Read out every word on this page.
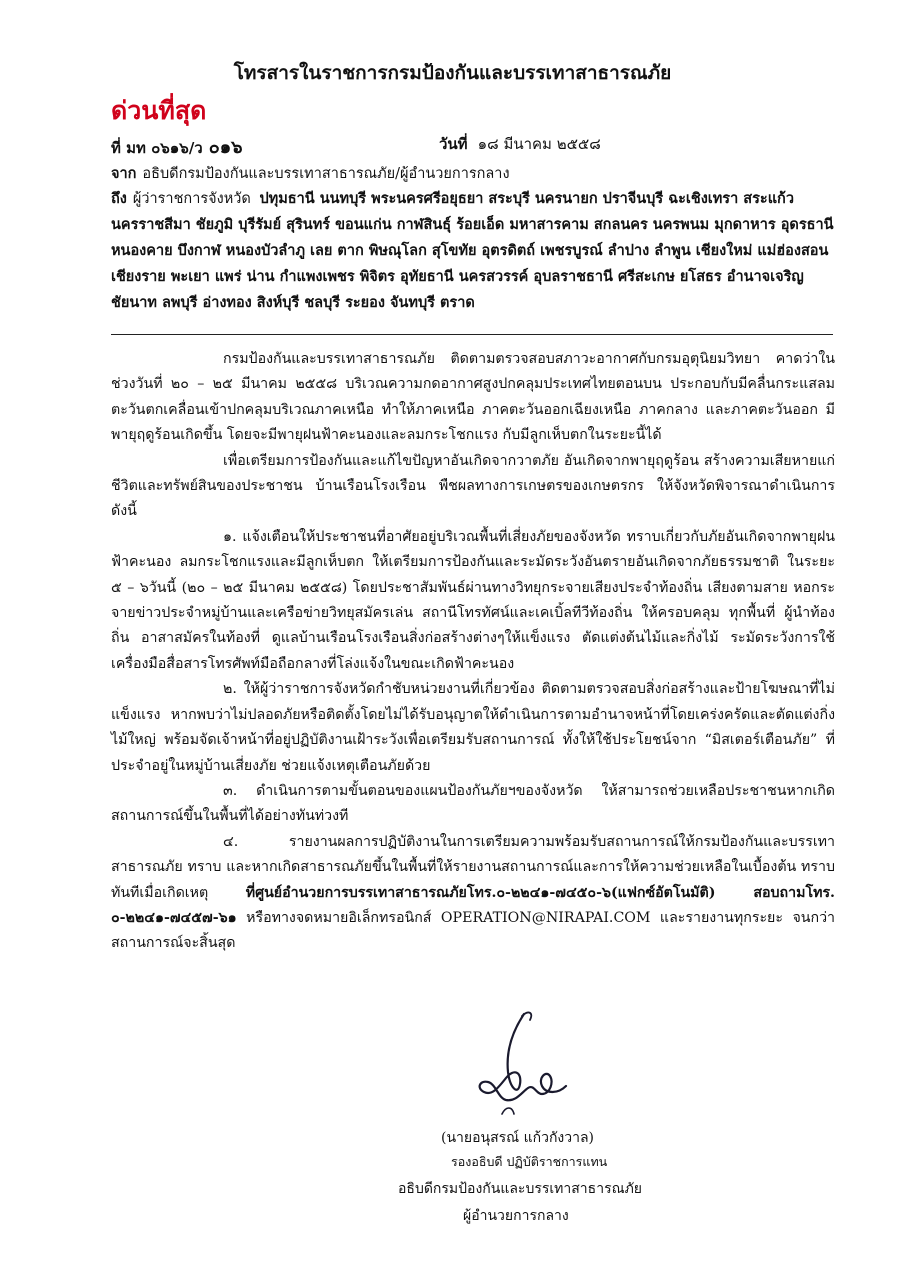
โทรสารในราชการกรมป้องกันและบรรเทาสาธารณภัย
ด่วนที่สุด
ที่ มท ๐๖๑๖/ว ๐๑๖	วันที่ ๑๘ มีนาคม ๒๕๕๘
จาก อธิบดีกรมป้องกันและบรรเทาสาธารณภัย/ผู้อำนวยการกลาง
ถึง ผู้ว่าราชการจังหวัด ปทุมธานี นนทบุรี พระนครศรีอยุธยา สระบุรี นครนายก ปราจีนบุรี ฉะเชิงเทรา สระแก้ว นครราชสีมา ชัยภูมิ บุรีรัมย์ สุรินทร์ ขอนแก่น กาฬสินธุ์ ร้อยเอ็ด มหาสารคาม สกลนคร นครพนม มุกดาหาร อุดรธานี หนองคาย บึงกาฬ หนองบัวลำภู เลย ตาก พิษณุโลก สุโขทัย อุตรดิตถ์ เพชรบูรณ์ ลำปาง ลำพูน เชียงใหม่ แม่ฮ่องสอน เชียงราย พะเยา แพร่ น่าน กำแพงเพชร พิจิตร อุทัยธานี นครสวรรค์ อุบลราชธานี ศรีสะเกษ ยโสธร อำนาจเจริญ ชัยนาท ลพบุรี อ่างทอง สิงห์บุรี ชลบุรี ระยอง จันทบุรี ตราด

กรมป้องกันและบรรเทาสาธารณภัย ติดตามตรวจสอบสภาวะอากาศกับกรมอุตุนิยมวิทยา คาดว่าในช่วงวันที่ ๒๐ – ๒๕ มีนาคม ๒๕๕๘ บริเวณความกดอากาศสูงปกคลุมประเทศไทยตอนบน ประกอบกับมีคลื่นกระแสลมตะวันตกเคลื่อนเข้าปกคลุมบริเวณภาคเหนือ ทำให้ภาคเหนือ ภาคตะวันออกเฉียงเหนือ ภาคกลาง และภาคตะวันออก มีพายุฤดูร้อนเกิดขึ้น โดยจะมีพายุฝนฟ้าคะนองและลมกระโชกแรง กับมีลูกเห็บตกในระยะนี้ได้

เพื่อเตรียมการป้องกันและแก้ไขปัญหาอันเกิดจากวาตภัย อันเกิดจากพายุฤดูร้อน สร้างความเสียหายแก่ชีวิตและทรัพย์สินของประชาชน บ้านเรือนโรงเรือน พืชผลทางการเกษตรของเกษตรกร ให้จังหวัดพิจารณาดำเนินการดังนี้

๑. แจ้งเตือนให้ประชาชนที่อาศัยอยู่บริเวณพื้นที่เสี่ยงภัยของจังหวัด ทราบเกี่ยวกับภัยอันเกิดจากพายุฝนฟ้าคะนอง ลมกระโชกแรงและมีลูกเห็บตก ให้เตรียมการป้องกันและระมัดระวังอันตรายอันเกิดจากภัยธรรมชาติ ในระยะ ๕ – ๖วันนี้ (๒๐ – ๒๕ มีนาคม ๒๕๕๘) โดยประชาสัมพันธ์ผ่านทางวิทยุกระจายเสียงประจำท้องถิ่น เสียงตามสาย หอกระจายข่าวประจำหมู่บ้านและเครือข่ายวิทยุสมัครเล่น สถานีโทรทัศน์และเคเบิ้ลทีวีท้องถิ่น ให้ครอบคลุม ทุกพื้นที่ ผู้นำท้องถิ่น อาสาสมัครในท้องที่ ดูแลบ้านเรือนโรงเรือนสิ่งก่อสร้างต่างๆให้แข็งแรง ตัดแต่งต้นไม้และกิ่งไม้ ระมัดระวังการใช้เครื่องมือสื่อสารโทรศัพท์มือถือกลางที่โล่งแจ้งในขณะเกิดฟ้าคะนอง

๒. ให้ผู้ว่าราชการจังหวัดกำชับหน่วยงานที่เกี่ยวข้อง ติดตามตรวจสอบสิ่งก่อสร้างและป้ายโฆษณาที่ไม่แข็งแรง หากพบว่าไม่ปลอดภัยหรือติดตั้งโดยไม่ได้รับอนุญาตให้ดำเนินการตามอำนาจหน้าที่โดยเคร่งครัดและตัดแต่งกิ่งไม้ใหญ่ พร้อมจัดเจ้าหน้าที่อยู่ปฏิบัติงานเฝ้าระวังเพื่อเตรียมรับสถานการณ์ ทั้งให้ใช้ประโยชน์จาก “มิสเตอร์เตือนภัย” ที่ประจำอยู่ในหมู่บ้านเสี่ยงภัย ช่วยแจ้งเหตุเตือนภัยด้วย

๓. ดำเนินการตามขั้นตอนของแผนป้องกันภัยฯของจังหวัด ให้สามารถช่วยเหลือประชาชนหากเกิดสถานการณ์ขึ้นในพื้นที่ได้อย่างทันท่วงที

๔. รายงานผลการปฏิบัติงานในการเตรียมความพร้อมรับสถานการณ์ให้กรมป้องกันและบรรเทาสาธารณภัย ทราบ และหากเกิดสาธารณภัยขึ้นในพื้นที่ให้รายงานสถานการณ์และการให้ความช่วยเหลือในเบื้องต้น ทราบทันทีเมื่อเกิดเหตุ	ที่ศูนย์อำนวยการบรรเทาสาธารณภัยโทร.๐-๒๒๔๑-๗๔๕๐-๖(แฟกซ์อัตโนมัติ) สอบถามโทร. ๐-๒๒๔๑-๗๔๕๗-๖๑ หรือทางจดหมายอิเล็กทรอนิกส์ OPERATION@NIRAPAI.COM และรายงานทุกระยะ จนกว่าสถานการณ์จะสิ้นสุด

(นายอนุสรณ์ แก้วกังวาล)
รองอธิบดี ปฏิบัติราชการแทน
อธิบดีกรมป้องกันและบรรเทาสาธารณภัย
ผู้อำนวยการกลาง
